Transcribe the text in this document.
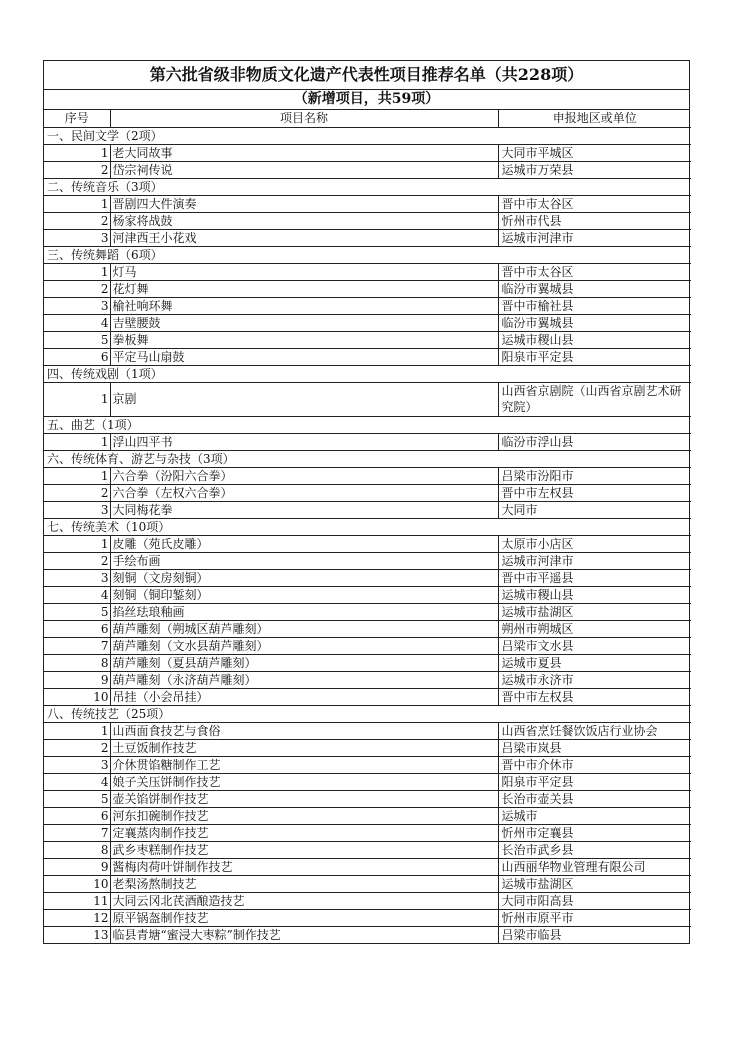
第六批省级非物质文化遗产代表性项目推荐名单（共228项）
（新增项目，共59项）
序号	项目名称	申报地区或单位
一、民间文学（2项）		
1	老大同故事	大同市平城区
2	岱宗祠传说	运城市万荣县
二、传统音乐（3项）		
1	晋剧四大件演奏	晋中市太谷区
2	杨家将战鼓	忻州市代县
3	河津西王小花戏	运城市河津市
三、传统舞蹈（6项）		
1	灯马	晋中市太谷区
2	花灯舞	临汾市翼城县
3	榆社响环舞	晋中市榆社县
4	吉壁腰鼓	临汾市翼城县
5	拳板舞	运城市稷山县
6	平定马山扇鼓	阳泉市平定县
四、传统戏剧（1项）		
1	京剧	山西省京剧院（山西省京剧艺术研究院）
五、曲艺（1项）		
1	浮山四平书	临汾市浮山县
六、传统体育、游艺与杂技（3项）		
1	六合拳（汾阳六合拳）	吕梁市汾阳市
2	六合拳（左权六合拳）	晋中市左权县
3	大同梅花拳	大同市
七、传统美术（10项）		
1	皮雕（苑氏皮雕）	太原市小店区
2	手绘布画	运城市河津市
3	刻铜（文房刻铜）	晋中市平遥县
4	刻铜（铜印錾刻）	运城市稷山县
5	掐丝珐琅釉画	运城市盐湖区
6	葫芦雕刻（朔城区葫芦雕刻）	朔州市朔城区
7	葫芦雕刻（文水县葫芦雕刻）	吕梁市文水县
8	葫芦雕刻（夏县葫芦雕刻）	运城市夏县
9	葫芦雕刻（永济葫芦雕刻）	运城市永济市
10	吊挂（小会吊挂）	晋中市左权县
八、传统技艺（25项）		
1	山西面食技艺与食俗	山西省烹饪餐饮饭店行业协会
2	土豆饭制作技艺	吕梁市岚县
3	介休贯馅糖制作工艺	晋中市介休市
4	娘子关压饼制作技艺	阳泉市平定县
5	壶关馅饼制作技艺	长治市壶关县
6	河东扣碗制作技艺	运城市
7	定襄蒸肉制作技艺	忻州市定襄县
8	武乡枣糕制作技艺	长治市武乡县
9	酱梅肉荷叶饼制作技艺	山西丽华物业管理有限公司
10	老梨汤熬制技艺	运城市盐湖区
11	大同云冈北芪酒酿造技艺	大同市阳高县
12	原平锅盔制作技艺	忻州市原平市
13	临县青塘“蜜浸大枣粽”制作技艺	吕梁市临县
